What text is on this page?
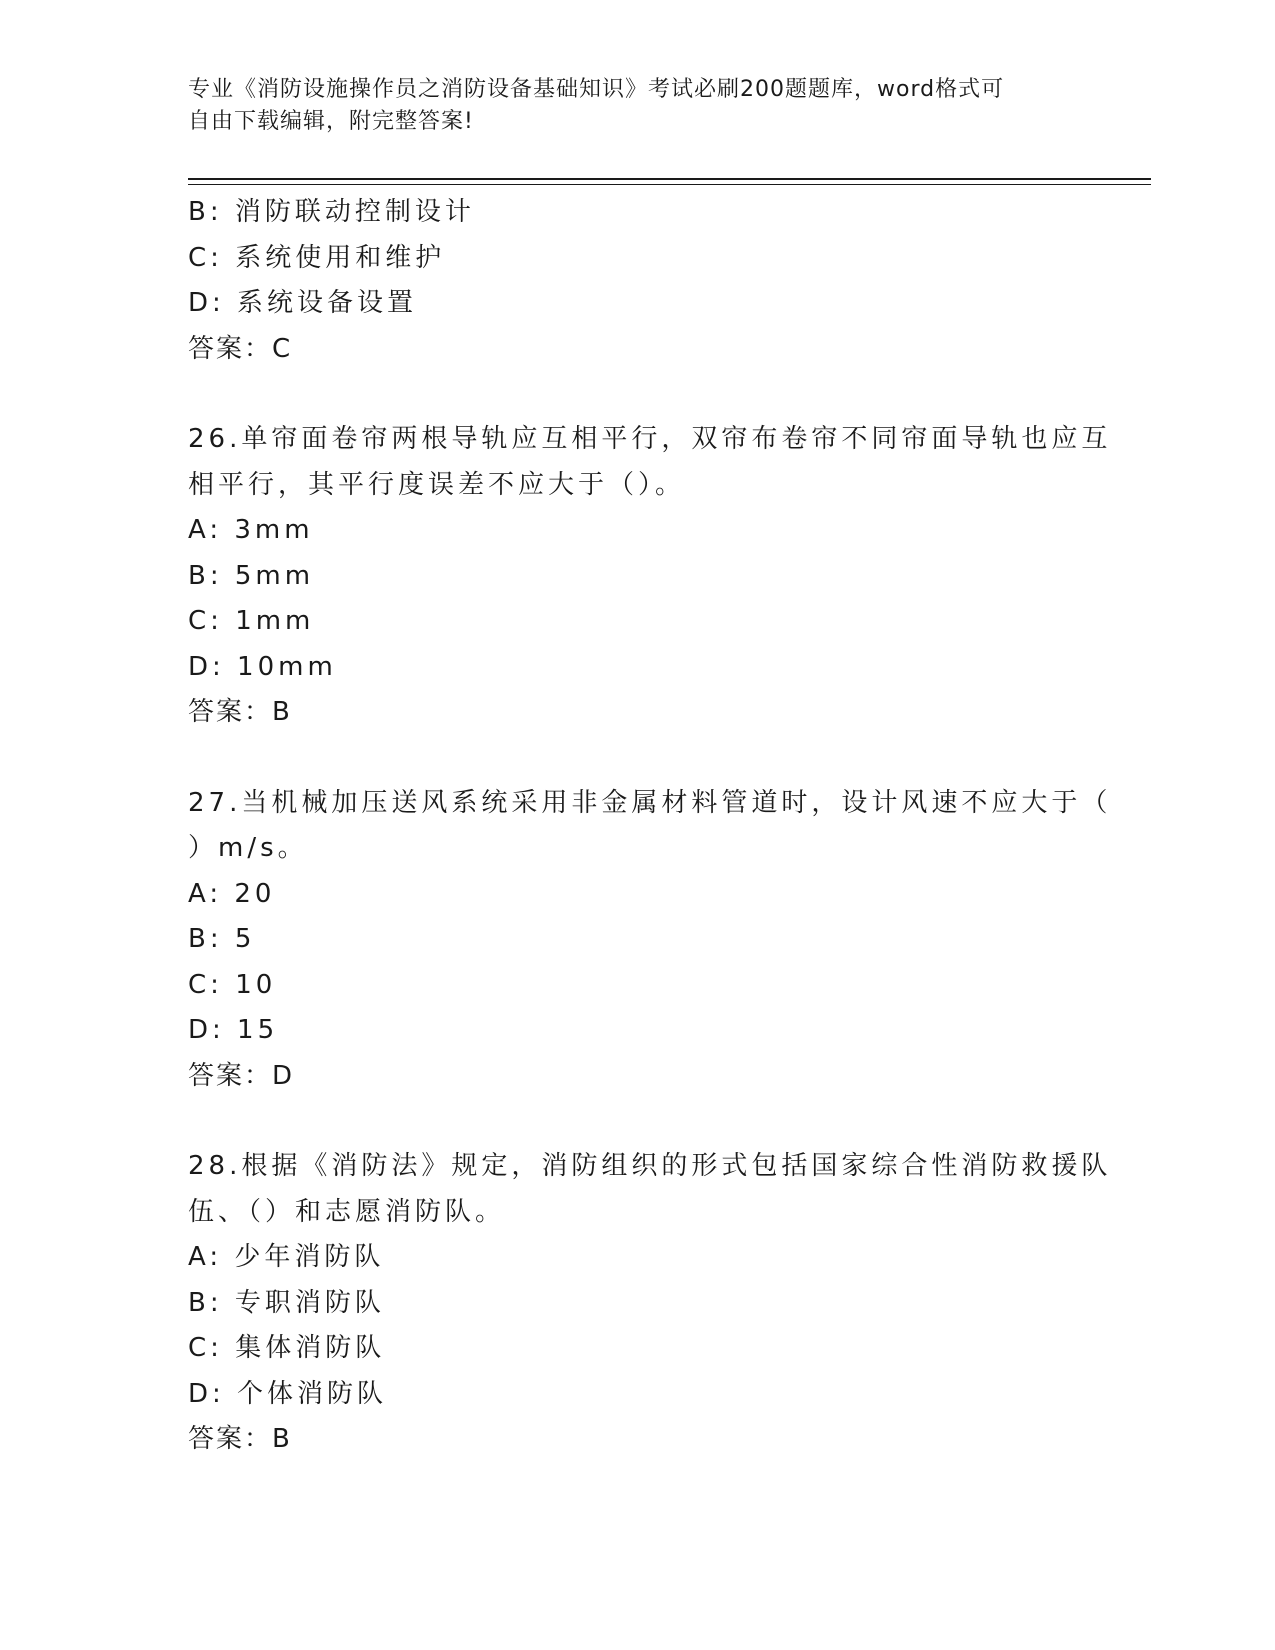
专业《消防设施操作员之消防设备基础知识》考试必刷200题题库，word格式可
自由下载编辑，附完整答案!
B: 消防联动控制设计
C: 系统使用和维护
D: 系统设备设置
答案：C
26.单帘面卷帘两根导轨应互相平行，双帘布卷帘不同帘面导轨也应互
相平行，其平行度误差不应大于（）。
A: 3mm
B: 5mm
C: 1mm
D: 10mm
答案：B
27.当机械加压送风系统采用非金属材料管道时，设计风速不应大于（
）m/s。
A: 20
B: 5
C: 10
D: 15
答案：D
28.根据《消防法》规定，消防组织的形式包括国家综合性消防救援队
伍、（）和志愿消防队。
A: 少年消防队
B: 专职消防队
C: 集体消防队
D: 个体消防队
答案：B
